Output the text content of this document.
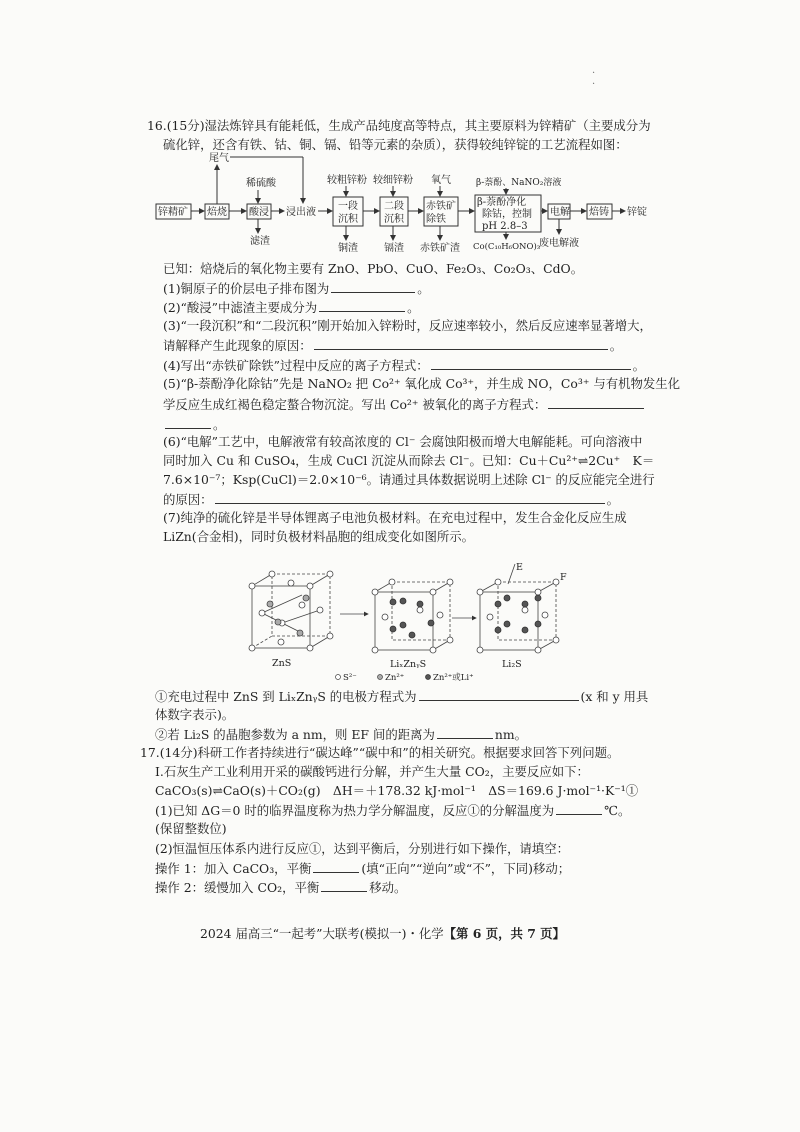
·
·
16.(15分)湿法炼锌具有能耗低，生成产品纯度高等特点，其主要原料为锌精矿（主要成分为
硫化锌，还含有铁、钴、铜、镉、铅等元素的杂质），获得较纯锌锭的工艺流程如图：
锌精矿 焙烧 酸浸 浸出液
一段
沉积
二段
沉积
赤铁矿
除铁
β-萘酚净化
除钴，控制
pH 2.8–3
电解 焙铸 锌锭
尾气
稀硫酸	较粗锌粉 较细锌粉 氧气	β-萘酚、NaNO₂溶液
滤渣
铜渣	镉渣 赤铁矿渣 Co(C₁₀H₆ONO)₃
废电解液
已知：焙烧后的氧化物主要有 ZnO、PbO、CuO、Fe₂O₃、Co₂O₃、CdO。
(1)铜原子的价层电子排布图为	。
(2)“酸浸”中滤渣主要成分为	。
(3)“一段沉积”和“二段沉积”刚开始加入锌粉时，反应速率较小，然后反应速率显著增大，
请解释产生此现象的原因：	。
(4)写出“赤铁矿除铁”过程中反应的离子方程式：	。
(5)“β-萘酚净化除钴”先是 NaNO₂ 把 Co²⁺ 氧化成 Co³⁺，并生成 NO，Co³⁺ 与有机物发生化
学反应生成红褐色稳定螯合物沉淀。写出 Co²⁺ 被氧化的离子方程式：
。
(6)“电解”工艺中，电解液常有较高浓度的 Cl⁻ 会腐蚀阳极而增大电解能耗。可向溶液中
同时加入 Cu 和 CuSO₄，生成 CuCl 沉淀从而除去 Cl⁻。已知：Cu＋Cu²⁺⇌2Cu⁺　K＝
7.6×10⁻⁷；Ksp(CuCl)＝2.0×10⁻⁶。请通过具体数据说明上述除 Cl⁻ 的反应能完全进行
的原因：	。
(7)纯净的硫化锌是半导体锂离子电池负极材料。在充电过程中，发生合金化反应生成
LiZn(合金相)，同时负极材料晶胞的组成变化如图所示。
ZnS	LiₓZnᵧS	Li₂S
E
F
S²⁻	Zn²⁺	Zn²⁺或Li⁺
①充电过程中 ZnS 到 LiₓZnᵧS 的电极方程式为	(x 和 y 用具
体数字表示)。
②若 Li₂S 的晶胞参数为 a nm，则 EF 间的距离为	nm。
17.(14分)科研工作者持续进行“碳达峰”“碳中和”的相关研究。根据要求回答下列问题。
Ⅰ.石灰生产工业利用开采的碳酸钙进行分解，并产生大量 CO₂，主要反应如下：
CaCO₃(s)⇌CaO(s)＋CO₂(g)　ΔH＝＋178.32 kJ·mol⁻¹　ΔS＝169.6 J·mol⁻¹·K⁻¹①
(1)已知 ΔG＝0 时的临界温度称为热力学分解温度，反应①的分解温度为	℃。
(保留整数位)
(2)恒温恒压体系内进行反应①，达到平衡后，分别进行如下操作，请填空：
操作 1：加入 CaCO₃，平衡	(填“正向”“逆向”或“不”，下同)移动；
操作 2：缓慢加入 CO₂，平衡	移动。
2024 届高三“一起考”大联考(模拟一)・化学【第 6 页，共 7 页】
